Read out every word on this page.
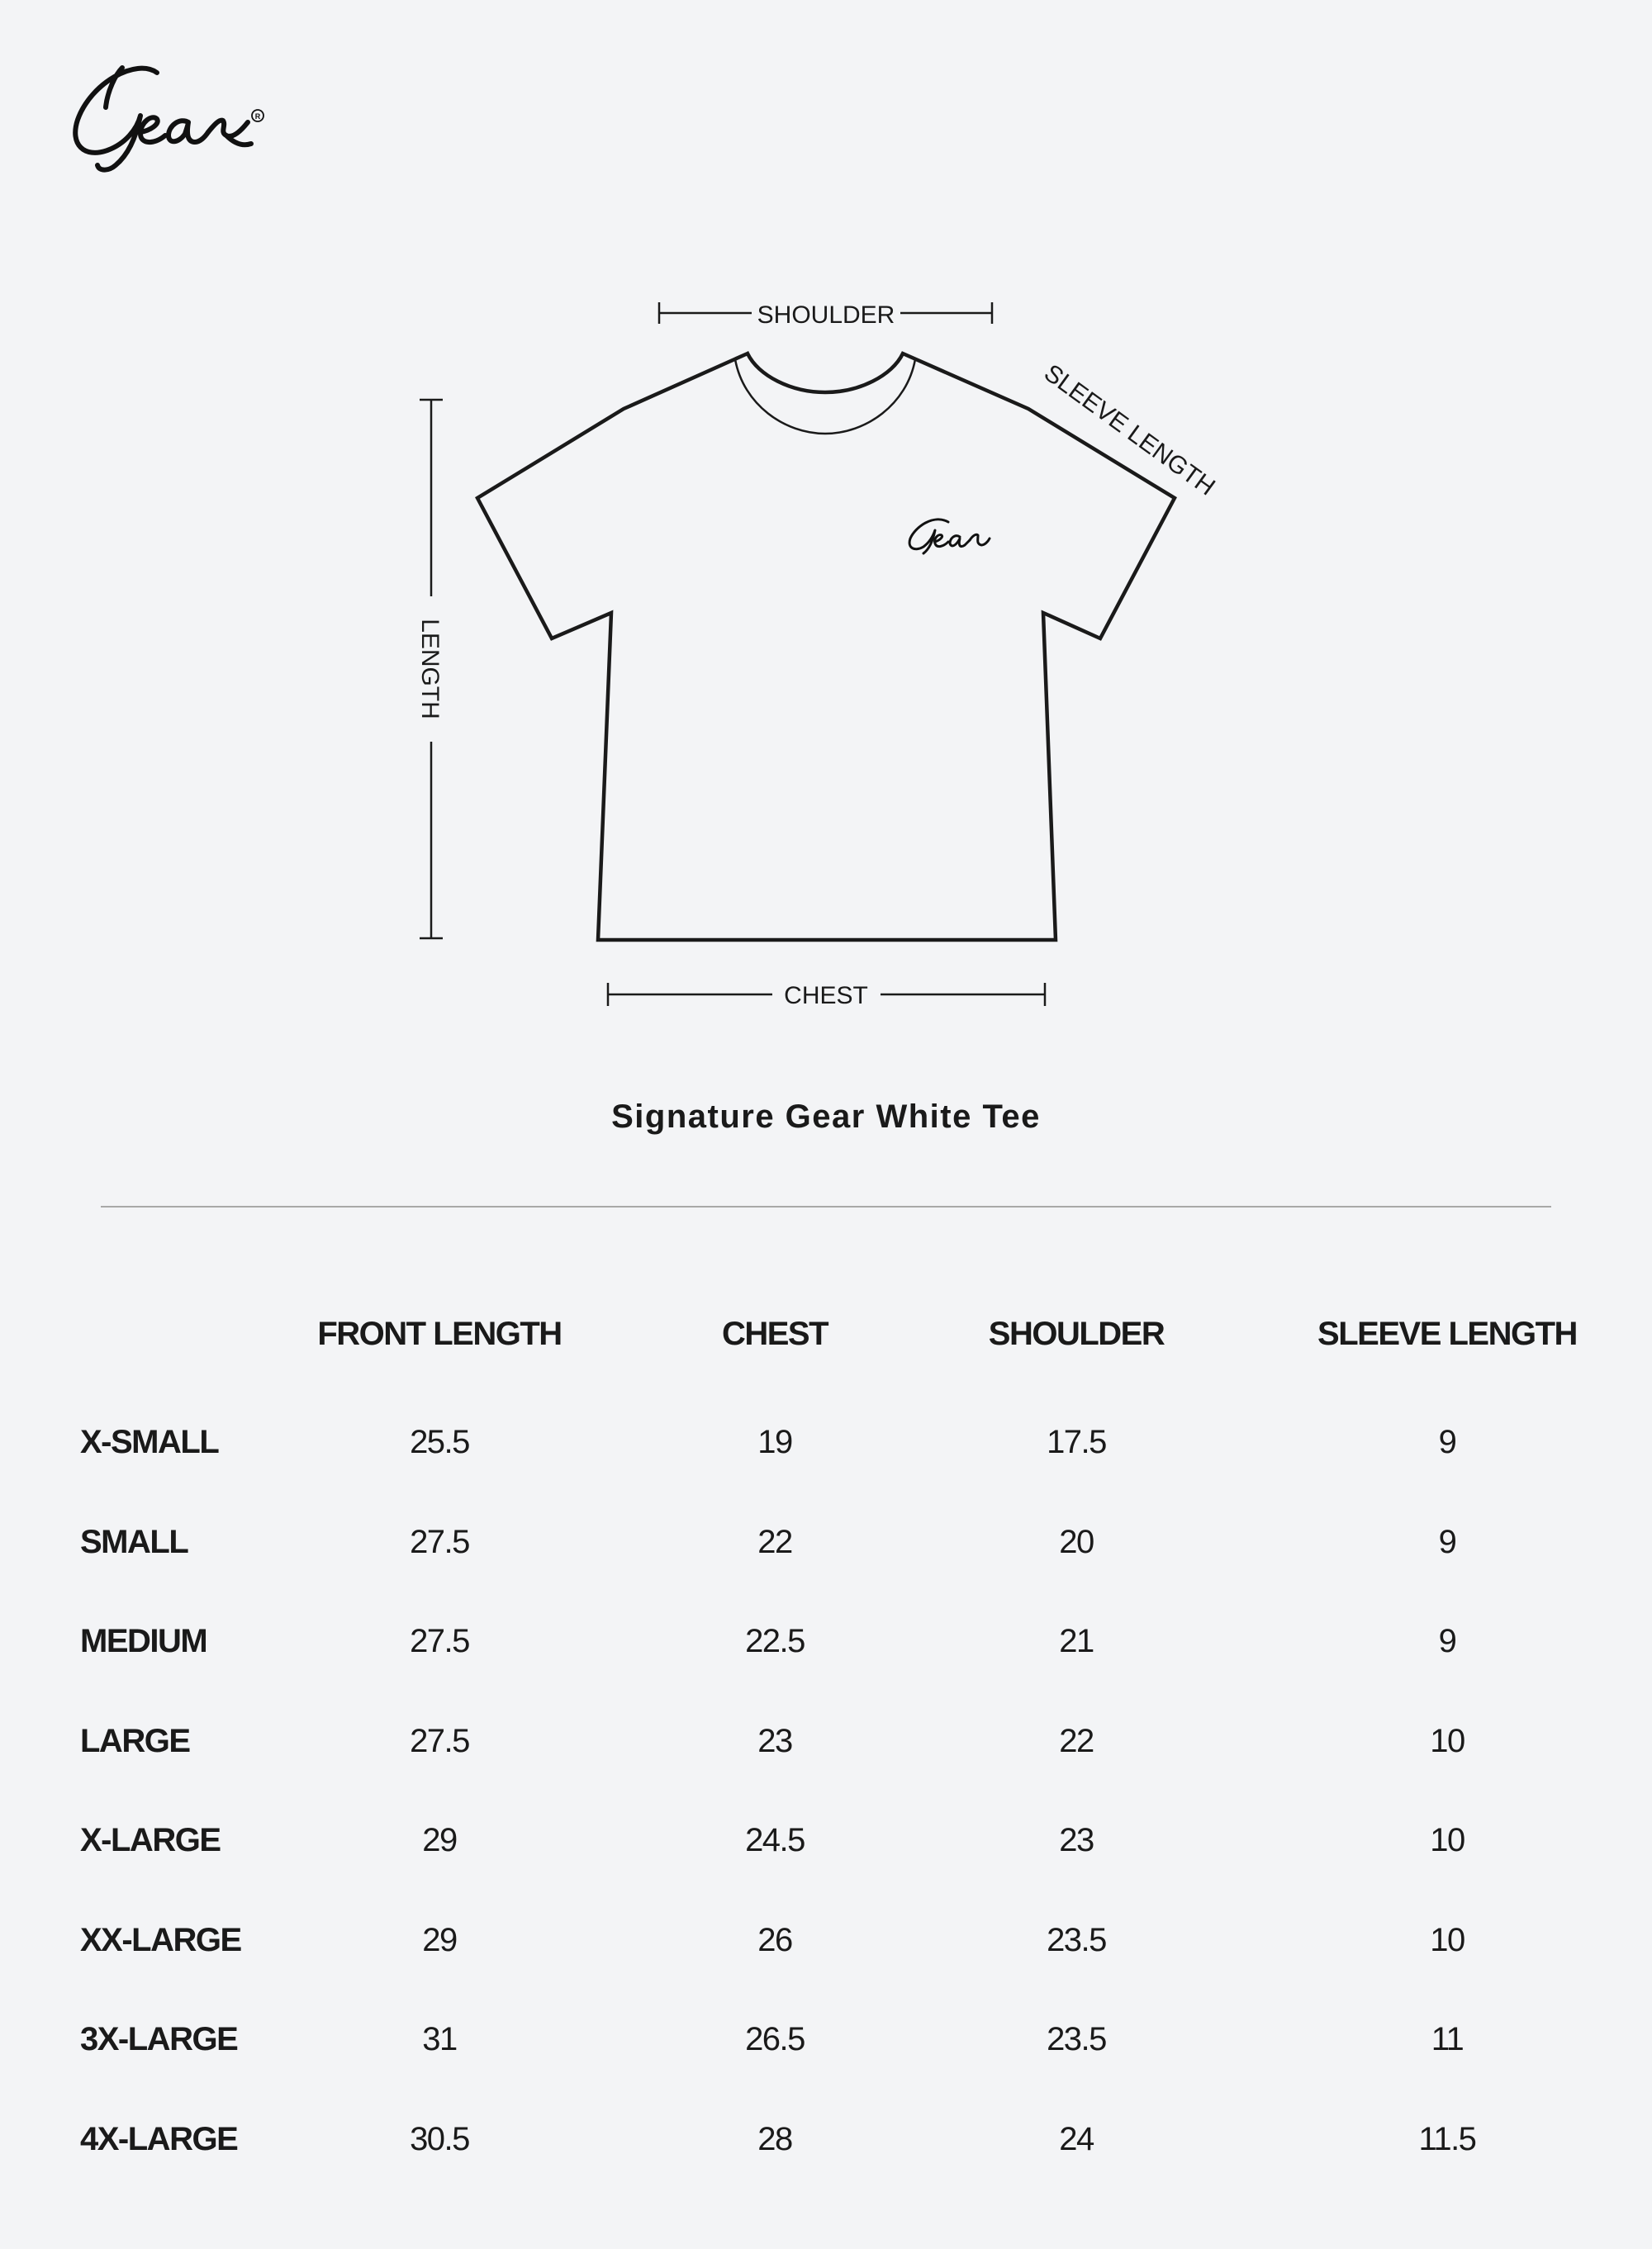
R
SHOULDER
SLEEVE LENGTH
LENGTH
CHEST
Signature Gear White Tee
FRONT LENGTH	CHEST	SHOULDER	SLEEVE LENGTH
X-SMALL	25.5	19	17.5	9
SMALL	27.5	22	20	9
MEDIUM	27.5	22.5	21	9
LARGE	27.5	23	22	10
X-LARGE	29	24.5	23	10
XX-LARGE	29	26	23.5	10
3X-LARGE	31	26.5	23.5	11
4X-LARGE	30.5	28	24	11.5
